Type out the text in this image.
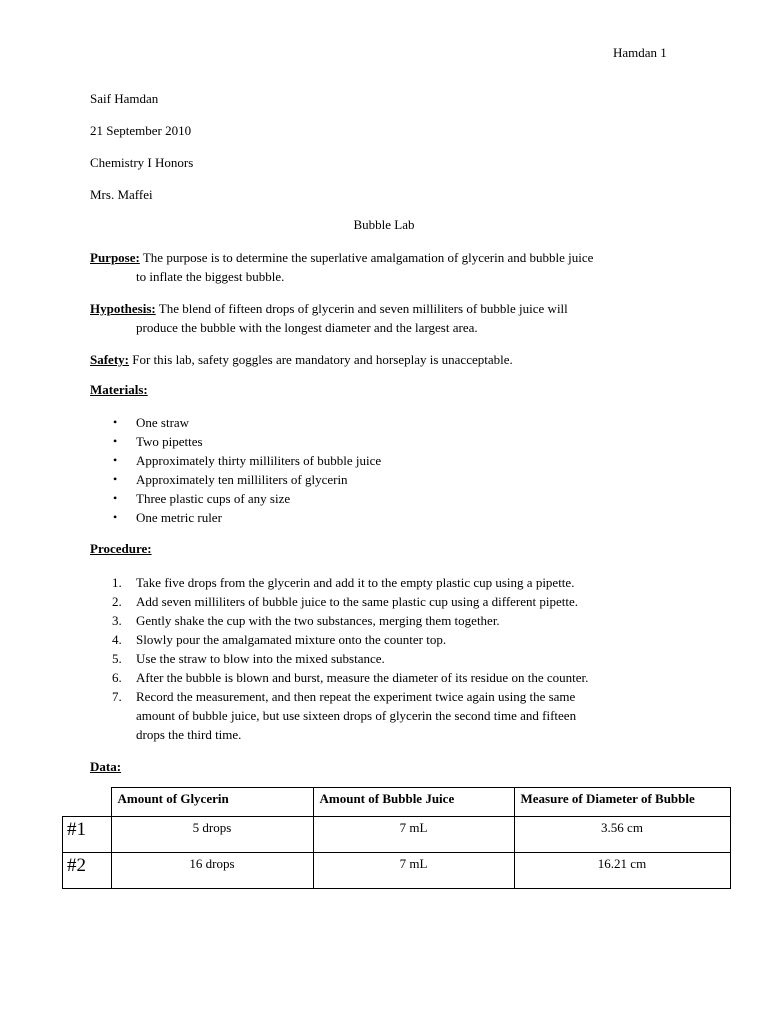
Hamdan 1
Saif Hamdan
21 September 2010
Chemistry I Honors
Mrs. Maffei
Bubble Lab
Purpose: The purpose is to determine the superlative amalgamation of glycerin and bubble juice
to inflate the biggest bubble.
Hypothesis: The blend of fifteen drops of glycerin and seven milliliters of bubble juice will
produce the bubble with the longest diameter and the largest area.
Safety: For this lab, safety goggles are mandatory and horseplay is unacceptable.
Materials:
• One straw
• Two pipettes
• Approximately thirty milliliters of bubble juice
• Approximately ten milliliters of glycerin
• Three plastic cups of any size
• One metric ruler
Procedure:
1. Take five drops from the glycerin and add it to the empty plastic cup using a pipette.
2. Add seven milliliters of bubble juice to the same plastic cup using a different pipette.
3. Gently shake the cup with the two substances, merging them together.
4. Slowly pour the amalgamated mixture onto the counter top.
5. Use the straw to blow into the mixed substance.
6. After the bubble is blown and burst, measure the diameter of its residue on the counter.
7. Record the measurement, and then repeat the experiment twice again using the same
amount of bubble juice, but use sixteen drops of glycerin the second time and fifteen
drops the third time.
Data:
	Amount of Glycerin	Amount of Bubble Juice	Measure of Diameter of Bubble
#1	5 drops	7 mL	3.56 cm
#2	16 drops	7 mL	16.21 cm
